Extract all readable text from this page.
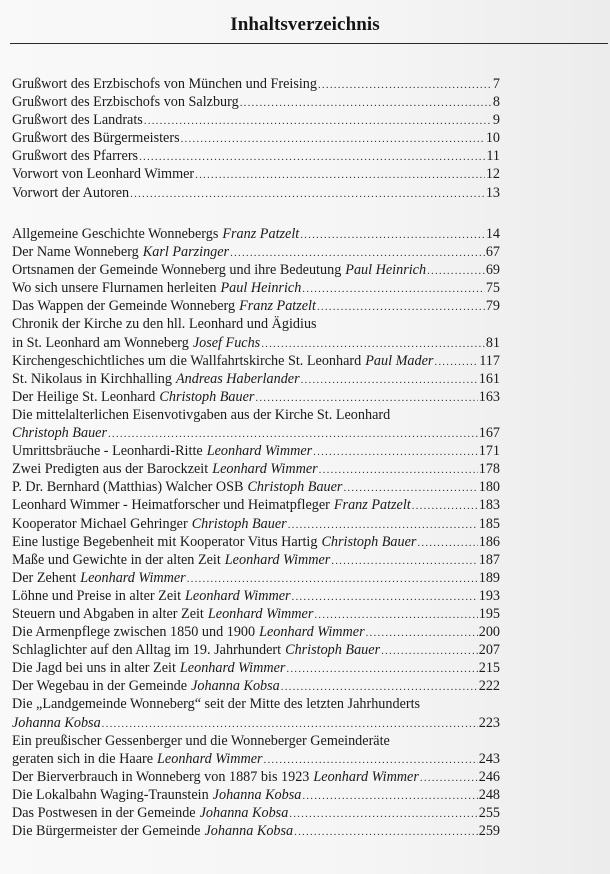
Inhaltsverzeichnis
Grußwort des Erzbischofs von München und Freising .....	7
Grußwort des Erzbischofs von Salzburg .....	8
Grußwort des Landrats .....	9
Grußwort des Bürgermeisters .....	10
Grußwort des Pfarrers .....	11
Vorwort von Leonhard Wimmer .....	12
Vorwort der Autoren .....	13
Allgemeine Geschichte Wonnebergs Franz Patzelt .....	14
Der Name Wonneberg Karl Parzinger .....	67
Ortsnamen der Gemeinde Wonneberg und ihre Bedeutung Paul Heinrich .....	69
Wo sich unsere Flurnamen herleiten Paul Heinrich .....	75
Das Wappen der Gemeinde Wonneberg Franz Patzelt .....	79
Chronik der Kirche zu den hll. Leonhard und Ägidius
in St. Leonhard am Wonneberg Josef Fuchs .....	81
Kirchengeschichtliches um die Wallfahrtskirche St. Leonhard Paul Mader .....	117
St. Nikolaus in Kirchhalling Andreas Haberlander .....	161
Der Heilige St. Leonhard Christoph Bauer .....	163
Die mittelalterlichen Eisenvotivgaben aus der Kirche St. Leonhard
Christoph Bauer .....	167
Umrittsbräuche - Leonhardi-Ritte Leonhard Wimmer .....	171
Zwei Predigten aus der Barockzeit Leonhard Wimmer .....	178
P. Dr. Bernhard (Matthias) Walcher OSB Christoph Bauer .....	180
Leonhard Wimmer - Heimatforscher und Heimatpfleger Franz Patzelt .....	183
Kooperator Michael Gehringer Christoph Bauer .....	185
Eine lustige Begebenheit mit Kooperator Vitus Hartig Christoph Bauer .....	186
Maße und Gewichte in der alten Zeit Leonhard Wimmer .....	187
Der Zehent Leonhard Wimmer .....	189
Löhne und Preise in alter Zeit Leonhard Wimmer .....	193
Steuern und Abgaben in alter Zeit Leonhard Wimmer .....	195
Die Armenpflege zwischen 1850 und 1900 Leonhard Wimmer .....	200
Schlaglichter auf den Alltag im 19. Jahrhundert Christoph Bauer .....	207
Die Jagd bei uns in alter Zeit Leonhard Wimmer .....	215
Der Wegebau in der Gemeinde Johanna Kobsa .....	222
Die „Landgemeinde Wonneberg“ seit der Mitte des letzten Jahrhunderts
Johanna Kobsa .....	223
Ein preußischer Gessenberger und die Wonneberger Gemeinderäte
geraten sich in die Haare Leonhard Wimmer .....	243
Der Bierverbrauch in Wonneberg von 1887 bis 1923 Leonhard Wimmer .....	246
Die Lokalbahn Waging-Traunstein Johanna Kobsa .....	248
Das Postwesen in der Gemeinde Johanna Kobsa .....	255
Die Bürgermeister der Gemeinde Johanna Kobsa .....	259
